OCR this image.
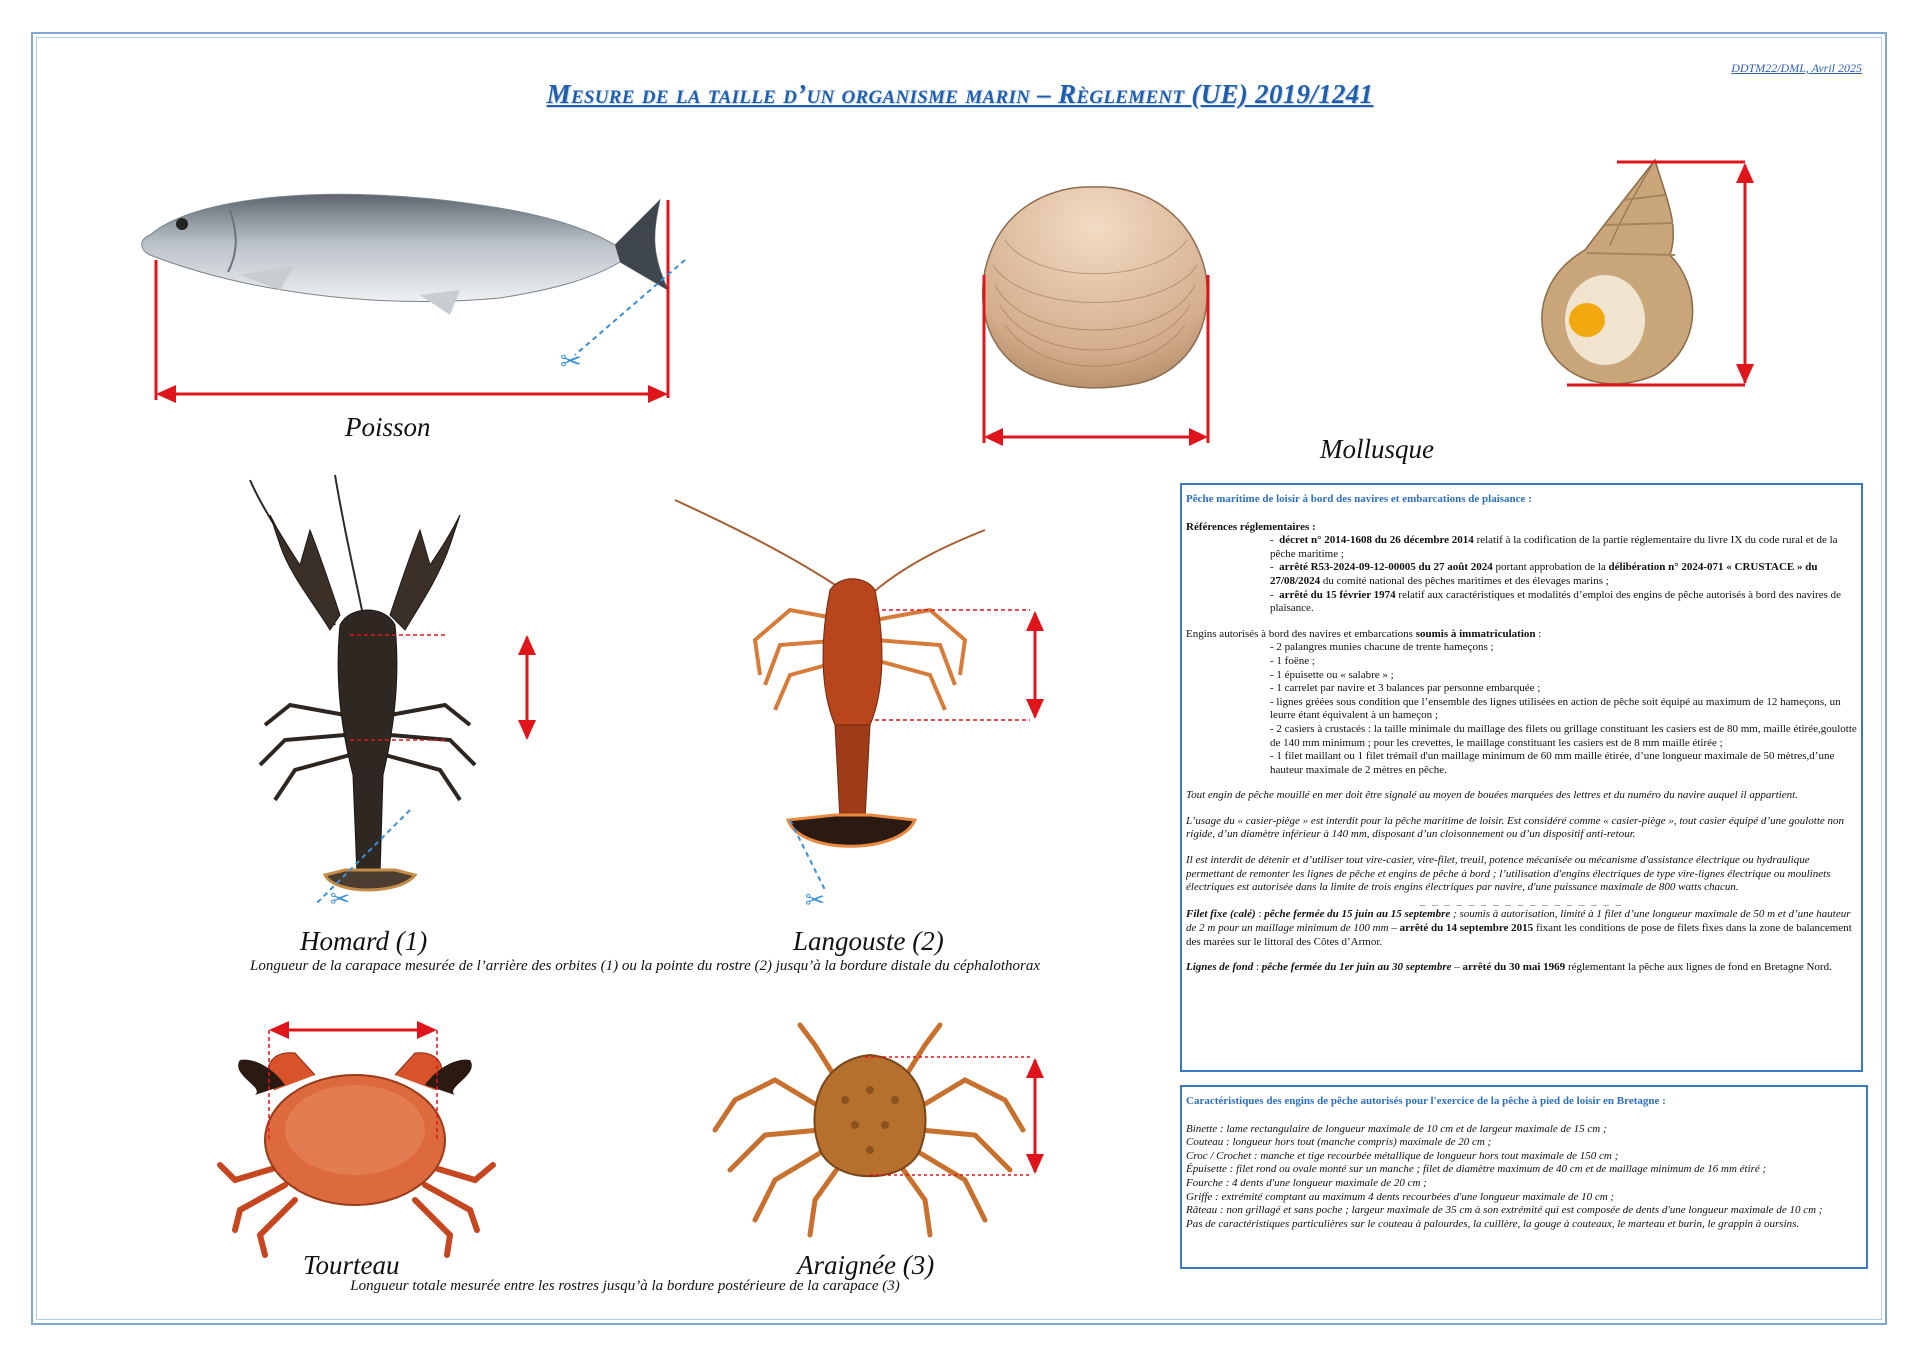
DDTM22/DML, Avril 2025
Mesure de la taille d’un organisme marin – Règlement (UE) 2019/1241
✂
Poisson
Mollusque
✂
Homard (1)
✂
Langouste (2)
Longueur de la carapace mesurée de l’arrière des orbites (1) ou la pointe du rostre (2) jusqu’à la bordure distale du céphalothorax
Tourteau	Araignée (3)
Longueur totale mesurée entre les rostres jusqu’à la bordure postérieure de la carapace (3)

Pêche maritime de loisir à bord des navires et embarcations de plaisance :

Références réglementaires :

-  décret n° 2014-1608 du 26 décembre 2014 relatif à la codification de la partie réglementaire du livre IX du code rural et de la pêche maritime ;

-  arrêté R53-2024-09-12-00005 du 27 août 2024 portant approbation de la délibération n° 2024-071 « CRUSTACE » du 27/08/2024 du comité national des pêches maritimes et des élevages marins ;

-  arrêté du 15 février 1974 relatif aux caractéristiques et modalités d’emploi des engins de pêche autorisés à bord des navires de plaisance.

Engins autorisés à bord des navires et embarcations soumis à immatriculation :

- 2 palangres munies chacune de trente hameçons ;

- 1 foëne ;

- 1 épuisette ou « salabre » ;

- 1 carrelet par navire et 3 balances par personne embarquée ;

- lignes gréées sous condition que l’ensemble des lignes utilisées en action de pêche soit équipé au maximum de 12 hameçons, un leurre étant équivalent à un hameçon ;

- 2 casiers à crustacés : la taille minimale du maillage des filets ou grillage constituant les casiers est de 80 mm, maille étirée,goulotte de 140 mm minimum ; pour les crevettes, le maillage constituant les casiers est de 8 mm maille étirée ;

- 1 filet maillant ou 1 filet trémail d'un maillage minimum de 60 mm maille étirée, d’une longueur maximale de 50 mètres,d’une hauteur maximale de 2 mètres en pêche.

Tout engin de pêche mouillé en mer doit être signalé au moyen de bouées marquées des lettres et du numéro du navire auquel il appartient.

L’usage du « casier-piège » est interdit pour la pêche maritime de loisir. Est considéré comme « casier-piège », tout casier équipé d’une goulotte non rigide, d’un diamètre inférieur à 140 mm, disposant d’un cloisonnement ou d’un dispositif anti-retour.

Il est interdit de détenir et d’utiliser tout vire-casier, vire-filet, treuil, potence mécanisée ou mécanisme d'assistance électrique ou hydraulique permettant de remonter les lignes de pêche et engins de pêche à bord ; l’utilisation d'engins électriques de type vire-lignes électrique ou moulinets électriques est autorisée dans la limite de trois engins électriques par navire, d'une puissance maximale de 800 watts chacun.

_ _ _ _ _ _ _ _ _ _ _ _ _ _ _ _ _

Filet fixe (calé) : pêche fermée du 15 juin au 15 septembre ; soumis à autorisation, limité à 1 filet d’une longueur maximale de 50 m et d’une hauteur de 2 m pour un maillage minimum de 100 mm – arrêté du 14 septembre 2015 fixant les conditions de pose de filets fixes dans la zone de balancement des marées sur le littoral des Côtes d’Armor.

Lignes de fond : pêche fermée du 1er juin au 30 septembre – arrêté du 30 mai 1969 réglementant la pêche aux lignes de fond en Bretagne Nord.

Caractéristiques des engins de pêche autorisés pour l'exercice de la pêche à pied de loisir en Bretagne :

Binette : lame rectangulaire de longueur maximale de 10 cm et de largeur maximale de 15 cm ;

Couteau : longueur hors tout (manche compris) maximale de 20 cm ;

Croc / Crochet : manche et tige recourbée métallique de longueur hors tout maximale de 150 cm ;

Épuisette : filet rond ou ovale monté sur un manche ; filet de diamètre maximum de 40 cm et de maillage minimum de 16 mm étiré ;

Fourche : 4 dents d'une longueur maximale de 20 cm ;

Griffe : extrémité comptant au maximum 4 dents recourbées d'une longueur maximale de 10 cm ;

Râteau : non grillagé et sans poche ; largeur maximale de 35 cm à son extrémité qui est composée de dents d'une longueur maximale de 10 cm ;

Pas de caractéristiques particulières sur le couteau à palourdes, la cuillère, la gouge à couteaux, le marteau et burin, le grappin à oursins.
